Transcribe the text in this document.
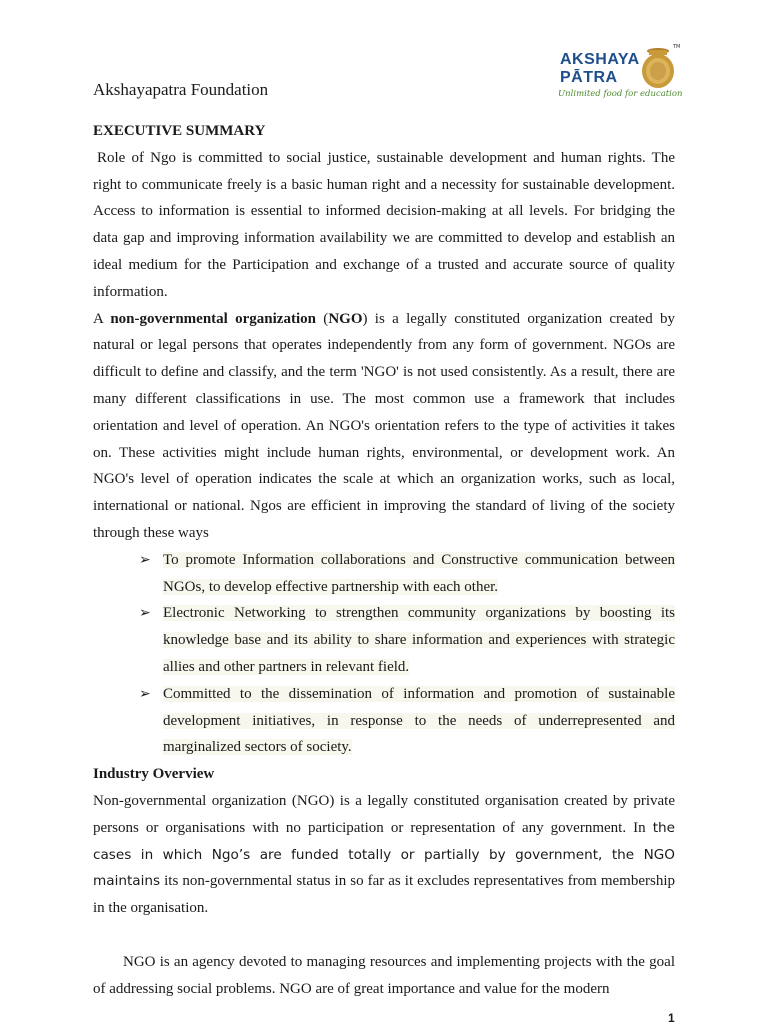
Akshayapatra Foundation
AKSHAYA
PĀTRA
Unlimited food for education
TM

EXECUTIVE SUMMARY

Role of Ngo is committed to social justice, sustainable development and human rights. The right to communicate freely is a basic human right and a necessity for sustainable development. Access to information is essential to informed decision-making at all levels. For bridging the data gap and improving information availability we are committed to develop and establish an ideal medium for the Participation and exchange of a trusted and accurate source of quality information.

A non-governmental organization (NGO) is a legally constituted organization created by natural or legal persons that operates independently from any form of government. NGOs are difficult to define and classify, and the term 'NGO' is not used consistently. As a result, there are many different classifications in use. The most common use a framework that includes orientation and level of operation. An NGO's orientation refers to the type of activities it takes on. These activities might include human rights, environmental, or development work. An NGO's level of operation indicates the scale at which an organization works, such as local, international or national. Ngos are efficient in improving the standard of living of the society through these ways

➢ To promote Information collaborations and Constructive communication between NGOs, to develop effective partnership with each other.
➢ Electronic Networking to strengthen community organizations by boosting its knowledge base and its ability to share information and experiences with strategic allies and other partners in relevant field.
➢ Committed to the dissemination of information and promotion of sustainable development initiatives, in response to the needs of underrepresented and marginalized sectors of society.

Industry Overview

Non-governmental organization (NGO) is a legally constituted organisation created by private persons or organisations with no participation or representation of any government. In the cases in which Ngo’s are funded totally or partially by government, the NGO maintains its non-governmental status in so far as it excludes representatives from membership in the organisation.

NGO is an agency devoted to managing resources and implementing projects with the goal of addressing social problems. NGO are of great importance and value for the modern

1
